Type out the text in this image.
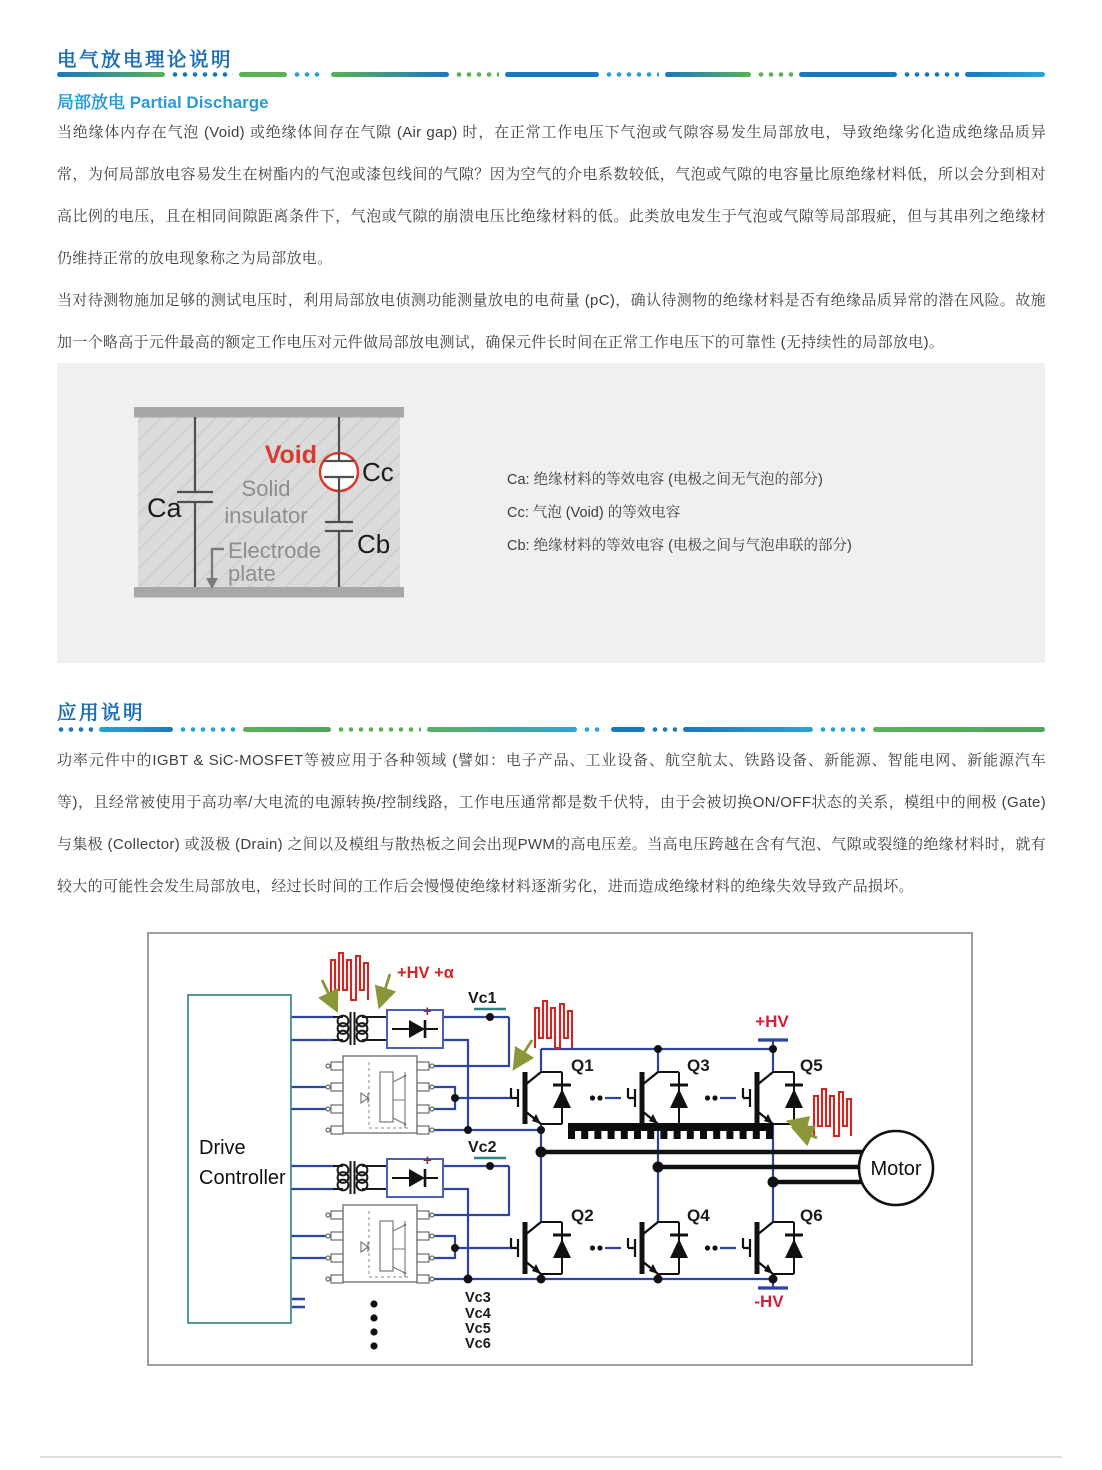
电气放电理论说明
局部放电 Partial Discharge

当绝缘体内存在气泡 (Void) 或绝缘体间存在气隙 (Air gap) 时，在正常工作电压下气泡或气隙容易发生局部放电，导致绝缘劣化造成绝缘品质异常，为何局部放电容易发生在树酯内的气泡或漆包线间的气隙？因为空气的介电系数较低，气泡或气隙的电容量比原绝缘材料低，所以会分到相对高比例的电压，且在相同间隙距离条件下，气泡或气隙的崩溃电压比绝缘材料的低。此类放电发生于气泡或气隙等局部瑕疵，但与其串列之绝缘材仍维持正常的放电现象称之为局部放电。

当对待测物施加足够的测试电压时，利用局部放电侦测功能测量放电的电荷量 (pC)，确认待测物的绝缘材料是否有绝缘品质异常的潜在风险。故施加一个略高于元件最高的额定工作电压对元件做局部放电测试，确保元件长时间在正常工作电压下的可靠性 (无持续性的局部放电)。

Ca
Void
Cc
Cb
Solid
insulator
Electrode
plate
Ca: 绝缘材料的等效电容 (电极之间无气泡的部分)
Cc: 气泡 (Void) 的等效电容
Cb: 绝缘材料的等效电容 (电极之间与气泡串联的部分)
应用说明

功率元件中的IGBT & SiC-MOSFET等被应用于各种领域 (譬如：电子产品、工业设备、航空航太、铁路设备、新能源、智能电网、新能源汽车等)，且经常被使用于高功率/大电流的电源转换/控制线路，工作电压通常都是数千伏特，由于会被切换ON/OFF状态的关系，模组中的闸极 (Gate) 与集极 (Collector) 或汲极 (Drain) 之间以及模组与散热板之间会出现PWM的高电压差。当高电压跨越在含有气泡、气隙或裂缝的绝缘材料时，就有较大的可能性会发生局部放电，经过长时间的工作后会慢慢使绝缘材料逐渐劣化，进而造成绝缘材料的绝缘失效导致产品损坏。

Drive
Controller	Motor
+HV +α
+HV
-HV
+
+
Vc1
Vc2
Vc3
Vc4
Vc5
Vc6
Q1	Q3	Q5
Q2	Q4	Q6
